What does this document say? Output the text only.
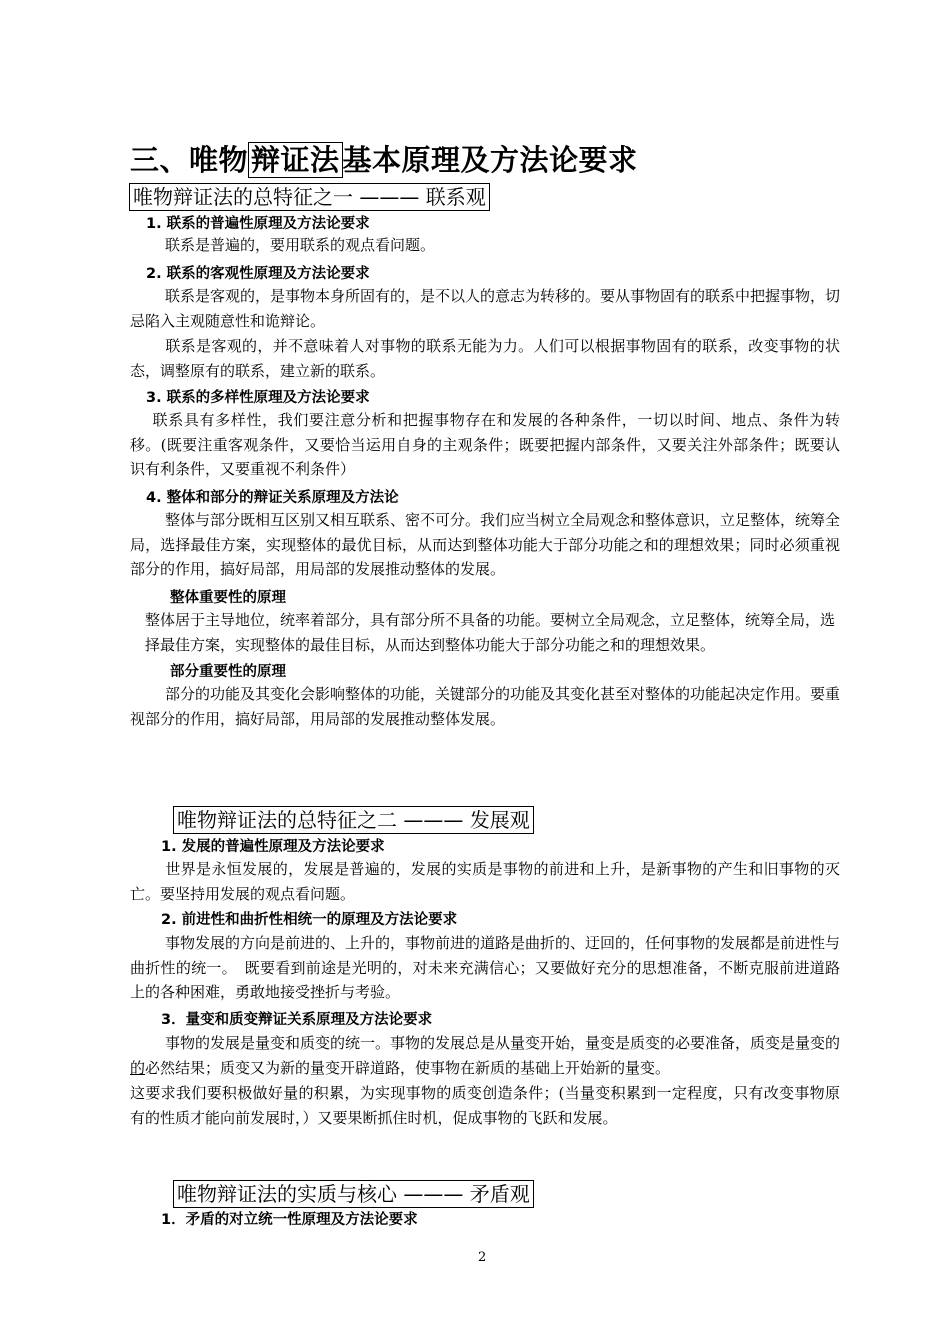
三、唯物 辩证法 基本原理及方法论要求
唯物辩证法的总特征之一 ——— 联系观
1. 联系的普遍性原理及方法论要求
联系是普遍的，要用联系的观点看问题。
2. 联系的客观性原理及方法论要求
联系是客观的，是事物本身所固有的，是不以人的意志为转移的。要从事物固有的联系中把握事物，切忌陷入主观随意性和诡辩论。
联系是客观的，并不意味着人对事物的联系无能为力。人们可以根据事物固有的联系，改变事物的状态，调整原有的联系，建立新的联系。
3. 联系的多样性原理及方法论要求
联系具有多样性，我们要注意分析和把握事物存在和发展的各种条件，一切以时间、地点、条件为转移。(既要注重客观条件，又要恰当运用自身的主观条件；既要把握内部条件，又要关注外部条件；既要认识有利条件，又要重视不利条件）
4. 整体和部分的辩证关系原理及方法论
整体与部分既相互区别又相互联系、密不可分。我们应当树立全局观念和整体意识，立足整体，统筹全局，选择最佳方案，实现整体的最优目标，从而达到整体功能大于部分功能之和的理想效果；同时必须重视部分的作用，搞好局部，用局部的发展推动整体的发展。
整体重要性的原理
整体居于主导地位，统率着部分，具有部分所不具备的功能。要树立全局观念，立足整体，统筹全局，选择最佳方案，实现整体的最佳目标，从而达到整体功能大于部分功能之和的理想效果。
部分重要性的原理
部分的功能及其变化会影响整体的功能，关键部分的功能及其变化甚至对整体的功能起决定作用。要重视部分的作用，搞好局部，用局部的发展推动整体发展。
唯物辩证法的总特征之二 ——— 发展观
1. 发展的普遍性原理及方法论要求
世界是永恒发展的，发展是普遍的，发展的实质是事物的前进和上升，是新事物的产生和旧事物的灭亡。要坚持用发展的观点看问题。
2. 前进性和曲折性相统一的原理及方法论要求
事物发展的方向是前进的、上升的，事物前进的道路是曲折的、迂回的，任何事物的发展都是前进性与曲折性的统一。　既要看到前途是光明的，对未来充满信心；又要做好充分的思想准备，不断克服前进道路上的各种困难，勇敢地接受挫折与考验。
3．量变和质变辩证关系原理及方法论要求
事物的发展是量变和质变的统一。事物的发展总是从量变开始，量变是质变的必要准备，质变是量变的的必然结果；质变又为新的量变开辟道路，使事物在新质的基础上开始新的量变。
这要求我们要积极做好量的积累，为实现事物的质变创造条件；(当量变积累到一定程度，只有改变事物原有的性质才能向前发展时，）又要果断抓住时机，促成事物的飞跃和发展。
唯物辩证法的实质与核心 ——— 矛盾观
1．矛盾的对立统一性原理及方法论要求
2
